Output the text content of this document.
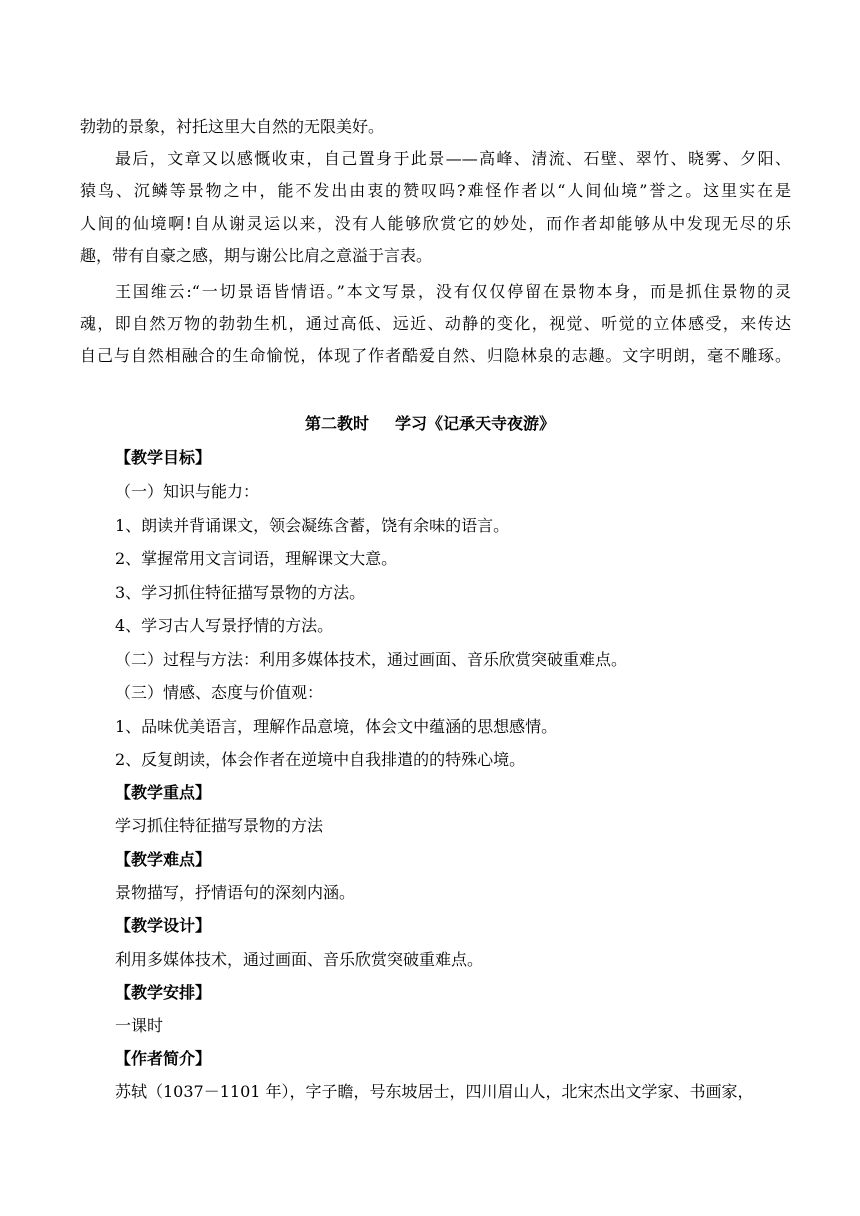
勃勃的景象，衬托这里大自然的无限美好。
最后，文章又以感慨收束，自己置身于此景——高峰、清流、石壁、翠竹、晓雾、夕阳、
猿鸟、沉鳞等景物之中，能不发出由衷的赞叹吗?难怪作者以“人间仙境”誉之。这里实在是
人间的仙境啊!自从谢灵运以来，没有人能够欣赏它的妙处，而作者却能够从中发现无尽的乐
趣，带有自豪之感，期与谢公比肩之意溢于言表。
王国维云:“一切景语皆情语。”本文写景，没有仅仅停留在景物本身，而是抓住景物的灵
魂，即自然万物的勃勃生机，通过高低、远近、动静的变化，视觉、听觉的立体感受，来传达
自己与自然相融合的生命愉悦，体现了作者酷爱自然、归隐林泉的志趣。文字明朗，毫不雕琢。
第二教时 学习《记承天寺夜游》
【教学目标】
（一）知识与能力：
1、朗读并背诵课文，领会凝练含蓄，饶有余味的语言。
2、掌握常用文言词语，理解课文大意。
3、学习抓住特征描写景物的方法。
4、学习古人写景抒情的方法。
（二）过程与方法：利用多媒体技术，通过画面、音乐欣赏突破重难点。
（三）情感、态度与价值观：
1、品味优美语言，理解作品意境，体会文中蕴涵的思想感情。
2、反复朗读，体会作者在逆境中自我排遣的的特殊心境。
【教学重点】
学习抓住特征描写景物的方法
【教学难点】
景物描写，抒情语句的深刻内涵。
【教学设计】
利用多媒体技术，通过画面、音乐欣赏突破重难点。
【教学安排】
一课时
【作者简介】
苏轼（1037－1101 年），字子瞻，号东坡居士，四川眉山人，北宋杰出文学家、书画家，
